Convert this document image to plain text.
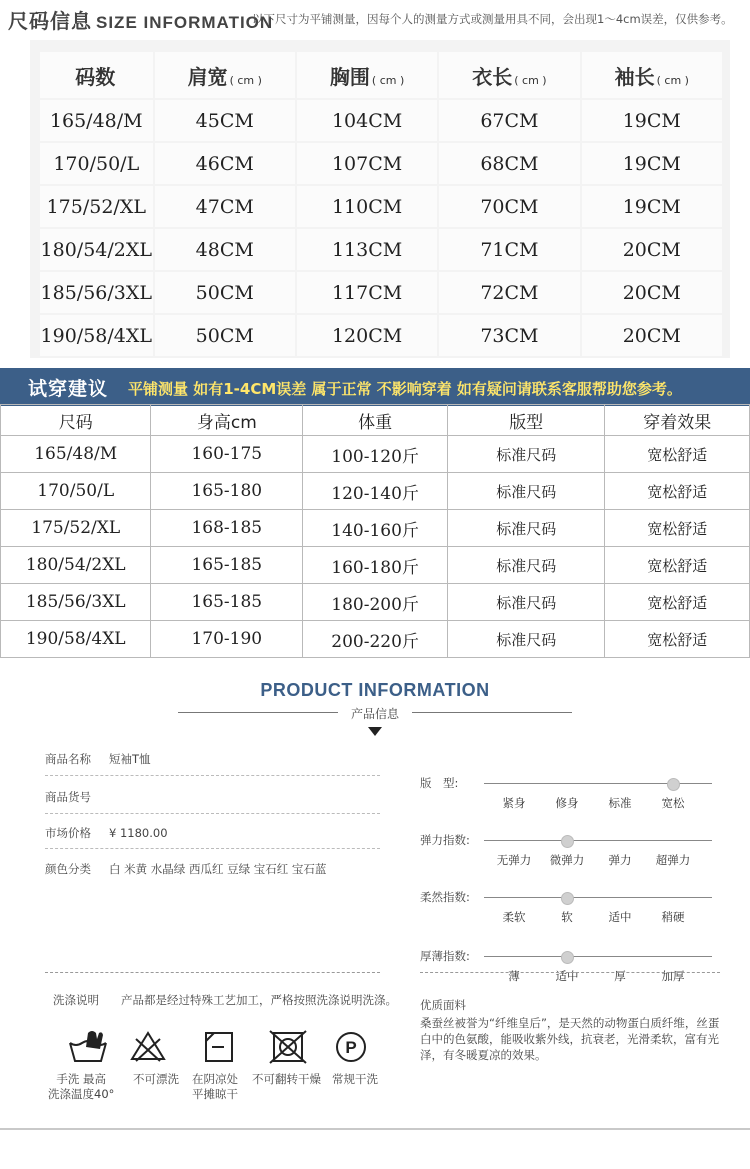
尺码信息 SIZE INFORMATION
以下尺寸为平铺测量，因每个人的测量方式或测量用具不同，会出现1～4cm误差，仅供参考。
码数	肩宽 ( cm )	胸围 ( cm )	衣长 ( cm )	袖长 ( cm )
165/48/M	45CM	104CM	67CM	19CM
170/50/L	46CM	107CM	68CM	19CM
175/52/XL	47CM	110CM	70CM	19CM
180/54/2XL	48CM	113CM	71CM	20CM
185/56/3XL	50CM	117CM	72CM	20CM
190/58/4XL	50CM	120CM	73CM	20CM
试穿建议 平铺测量 如有1-4CM误差 属于正常 不影响穿着 如有疑问请联系客服帮助您参考。
尺码	身高cm	体重	版型	穿着效果
165/48/M	160-175	100-120斤	标准尺码	宽松舒适
170/50/L	165-180	120-140斤	标准尺码	宽松舒适
175/52/XL	168-185	140-160斤	标准尺码	宽松舒适
180/54/2XL	165-185	160-180斤	标准尺码	宽松舒适
185/56/3XL	165-185	180-200斤	标准尺码	宽松舒适
190/58/4XL	170-190	200-220斤	标准尺码	宽松舒适
PRODUCT INFORMATION
产品信息
商品名称 短袖T恤
商品货号
市场价格 ¥ 1180.00
颜色分类 白 米黄 水晶绿 西瓜红 豆绿 宝石红 宝石蓝
版　型:
紧身	修身	标准	宽松
弹力指数:
无弹力 微弹力 弹力 超弹力
柔然指数:
柔软	软	适中	稍硬
厚薄指数:
薄	适中	厚	加厚
洗涤说明 产品都是经过特殊工艺加工，严格按照洗涤说明洗涤。
P
手洗 最高
洗涤温度40°
不可漂洗 在阴凉处
平摊晾干
不可翻转干燥 常规干洗
优质面料
桑蚕丝被誉为“纤维皇后”，是天然的动物蛋白质纤维，丝蛋白中的色氨酸，能吸收紫外线，抗衰老，光滑柔软，富有光泽，有冬暖夏凉的效果。
